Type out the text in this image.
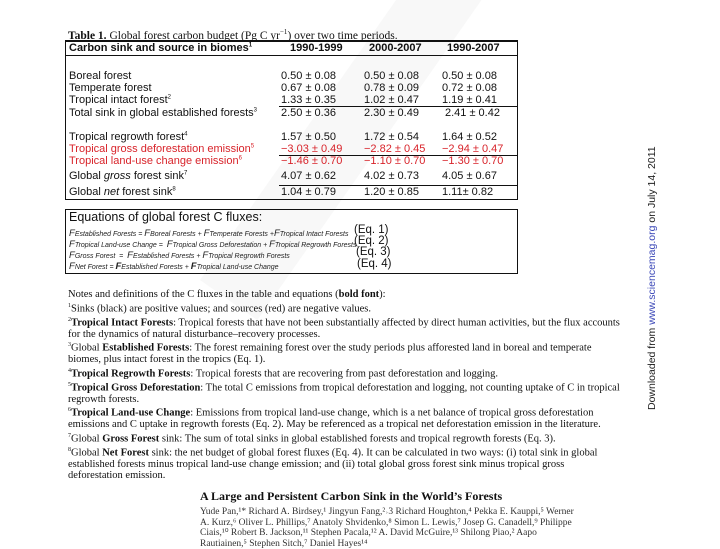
Table 1. Global forest carbon budget (Pg C $yr^{-1}$) over two time periods.
Carbon sink and source in biomes$^1$	1990-1999 2000-2007 1990-2007
Boreal forest	0.50 ± 0.08	0.50 ± 0.08 0.50 ± 0.08
Temperate forest	0.67 ± 0.08	0.78 ± 0.09 0.72 ± 0.08
Tropical intact forest$^2$	1.33 ± 0.35	1.02 ± 0.47 1.19 ± 0.41
Total sink in global established forests$^3$ 2.50 ± 0.36	2.30 ± 0.49 2.41 ± 0.42
Tropical regrowth forest$^4$	1.57 ± 0.50	1.72 ± 0.54 1.64 ± 0.52
Tropical gross deforestation emission$^5$ −3.03 ± 0.49 −2.82 ± 0.45 −2.94 ± 0.47
Tropical land-use change emission$^6$	−1.46 ± 0.70 −1.10 ± 0.70 −1.30 ± 0.70
Global gross forest sink$^7$	4.07 ± 0.62	4.02 ± 0.73 4.05 ± 0.67
Global net forest sink$^8$	1.04 ± 0.79	1.20 ± 0.85 1.11± 0.82
Equations of global forest C fluxes:
FEstablished Forests = FBoreal Forests + FTemperate Forests +FTropical Intact Forests
FTropical Land-use Change =  FTropical Gross Deforestation + FTropical Regrowth Forests
FGross Forest  =  FEstablished Forests + FTropical Regrowth Forests
FNet Forest = FEstablished Forests + FTropical Land-use Change
(Eq. 1)
(Eq. 2)
(Eq. 3)
(Eq. 4)

Notes and definitions of the C fluxes in the table and equations (bold font):

$^1$Sinks (black) are positive values; and sources (red) are negative values.

$^2$Tropical Intact Forests: Tropical forests that have not been substantially affected by direct human activities, but the flux accounts for the dynamics of natural disturbance–recovery processes.

$^3$Global Established Forests: The forest remaining forest over the study periods plus afforested land in boreal and temperate biomes, plus intact forest in the tropics (Eq. 1).

$^4$Tropical Regrowth Forests: Tropical forests that are recovering from past deforestation and logging.

$^5$Tropical Gross Deforestation: The total C emissions from tropical deforestation and logging, not counting uptake of C in tropical regrowth forests.

$^6$Tropical Land-use Change: Emissions from tropical land-use change, which is a net balance of tropical gross deforestation emissions and C uptake in regrowth forests (Eq. 2). May be referenced as a tropical net deforestation emission in the literature.

$^7$Global Gross Forest sink: The sum of total sinks in global established forests and tropical regrowth forests (Eq. 3).

$^8$Global Net Forest sink: the net budget of global forest fluxes (Eq. 4). It can be calculated in two ways: (i) total sink in global established forests minus tropical land-use change emission; and (ii) total global gross forest sink minus tropical gross deforestation emission.

A Large and Persistent Carbon Sink in the World’s Forests
Yude Pan,¹* Richard A. Birdsey,¹ Jingyun Fang,²˒3 Richard Houghton,⁴ Pekka E. Kauppi,⁵ Werner A. Kurz,⁶ Oliver L. Phillips,⁷ Anatoly Shvidenko,⁸ Simon L. Lewis,⁷ Josep G. Canadell,⁹ Philippe Ciais,¹⁰ Robert B. Jackson,¹¹ Stephen Pacala,¹² A. David McGuire,¹³ Shilong Piao,² Aapo Rautiainen,⁵ Stephen Sitch,⁷ Daniel Hayes¹⁴
Downloaded from www.sciencemag.org on July 14, 2011
